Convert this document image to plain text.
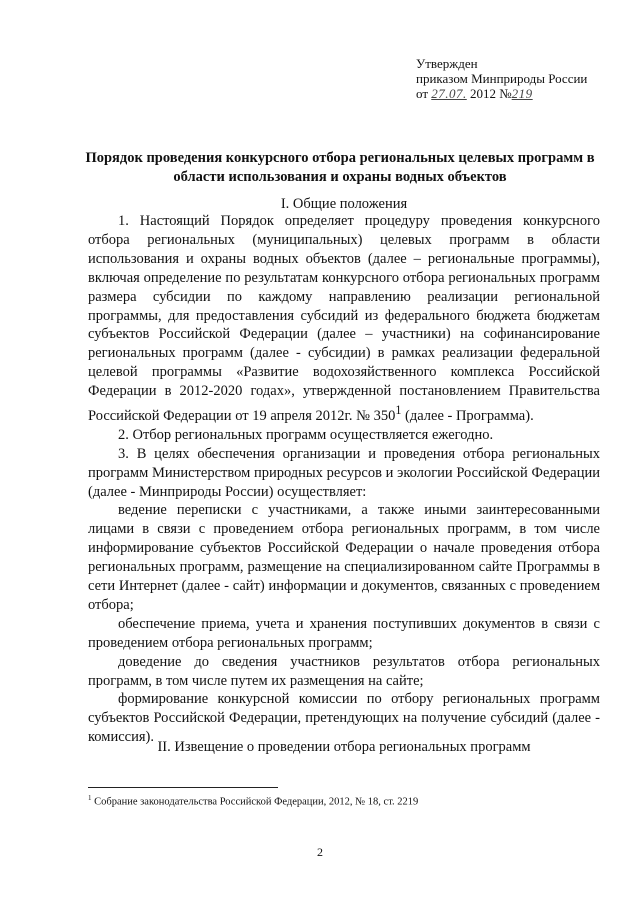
Утвержден
приказом Минприроды России
от 27.07. 2012 №219
Порядок проведения конкурсного отбора региональных целевых программ в области использования и охраны водных объектов
I. Общие положения

1. Настоящий Порядок определяет процедуру проведения конкурсного отбора региональных (муниципальных) целевых программ в области использования и охраны водных объектов (далее – региональные программы), включая определение по результатам конкурсного отбора региональных программ размера субсидии по каждому направлению реализации региональной программы, для предоставления субсидий из федерального бюджета бюджетам субъектов Российской Федерации (далее – участники) на софинансирование региональных программ (далее - субсидии) в рамках реализации федеральной целевой программы «Развитие водохозяйственного комплекса Российской Федерации в 2012-2020 годах», утвержденной постановлением Правительства Российской Федерации от 19 апреля 2012г. № $350^1$ (далее - Программа).

2. Отбор региональных программ осуществляется ежегодно.

3. В целях обеспечения организации и проведения отбора региональных программ Министерством природных ресурсов и экологии Российской Федерации (далее - Минприроды России) осуществляет:

ведение переписки с участниками, а также иными заинтересованными лицами в связи с проведением отбора региональных программ, в том числе информирование субъектов Российской Федерации о начале проведения отбора региональных программ, размещение на специализированном сайте Программы в сети Интернет (далее - сайт) информации и документов, связанных с проведением отбора;

обеспечение приема, учета и хранения поступивших документов в связи с проведением отбора региональных программ;

доведение до сведения участников результатов отбора региональных программ, в том числе путем их размещения на сайте;

формирование конкурсной комиссии по отбору региональных программ субъектов Российской Федерации, претендующих на получение субсидий (далее - комиссия).

II. Извещение о проведении отбора региональных программ
$^1$ Собрание законодательства Российской Федерации, 2012, № 18, ст. 2219
2
